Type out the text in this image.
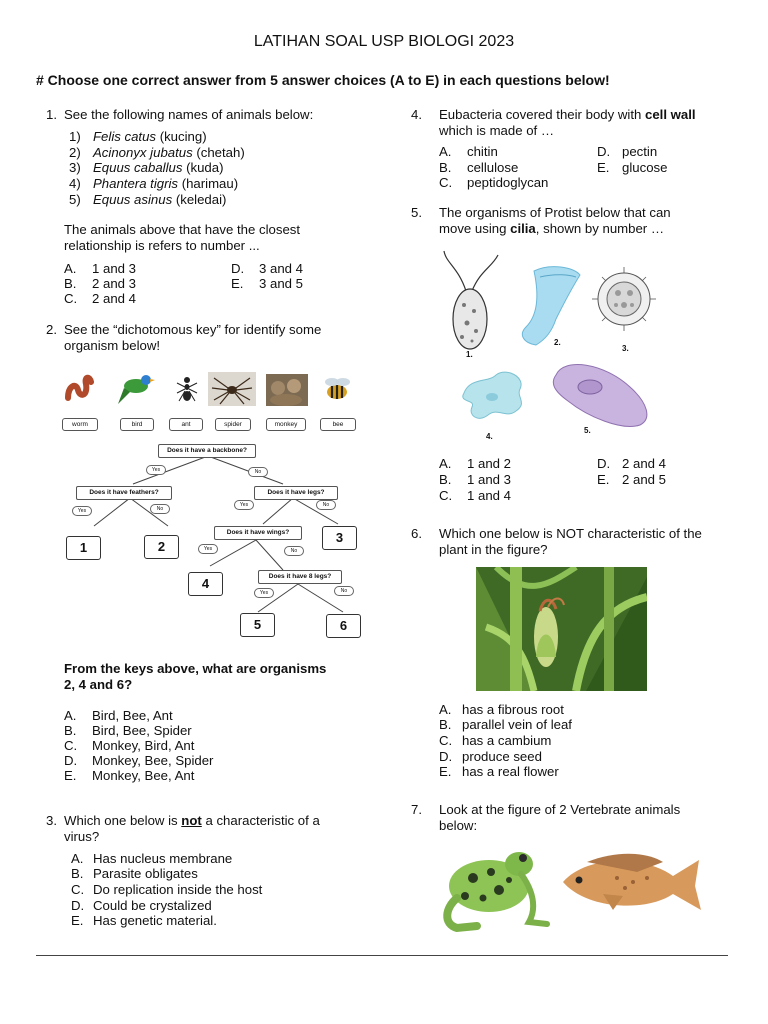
LATIHAN SOAL USP BIOLOGI 2023
# Choose one correct answer from 5 answer choices (A to E) in each questions below!
1. See the following names of animals below:
1) Felis catus (kucing)
2) Acinonyx jubatus (chetah)
3) Equus caballus (kuda)
4) Phantera tigris (harimau)
5) Equus asinus (keledai)
The animals above that have the closest
relationship is refers to number ...
A. 1 and 3
B. 2 and 3
C. 2 and 4
D. 3 and 4
E. 3 and 5
2. See the “dichotomous key” for identify some
organism below!
worm	bird	ant	spider	monkey	bee
Does it have a backbone?
Does it have feathers?	Does it have legs?
Does it have wings?
Does it have 8 legs?
Yes	No
Yes	No
Yes	No
Yes	No
Yes	No
1	2
3
4
5	6
From the keys above, what are organisms
2, 4 and 6?
A. Bird, Bee, Ant
B. Bird, Bee, Spider
C. Monkey, Bird, Ant
D. Monkey, Bee, Spider
E. Monkey, Bee, Ant
3. Which one below is not a characteristic of a
virus?
A. Has nucleus membrane
B. Parasite obligates
C. Do replication inside the host
D. Could be crystalized
E. Has genetic material.
4. Eubacteria covered their body with cell wall
which is made of …
A. chitin
B. cellulose
C. peptidoglycan
D. pectin
E. glucose
5. The organisms of Protist below that can
move using cilia, shown by number …
1.
2.
3.
4.
5.
A. 1 and 2
B. 1 and 3
C. 1 and 4
D. 2 and 4
E. 2 and 5
6. Which one below is NOT characteristic of the
plant in the figure?
A. has a fibrous root
B. parallel vein of leaf
C. has a cambium
D. produce seed
E. has a real flower
7. Look at the figure of 2 Vertebrate animals
below:
